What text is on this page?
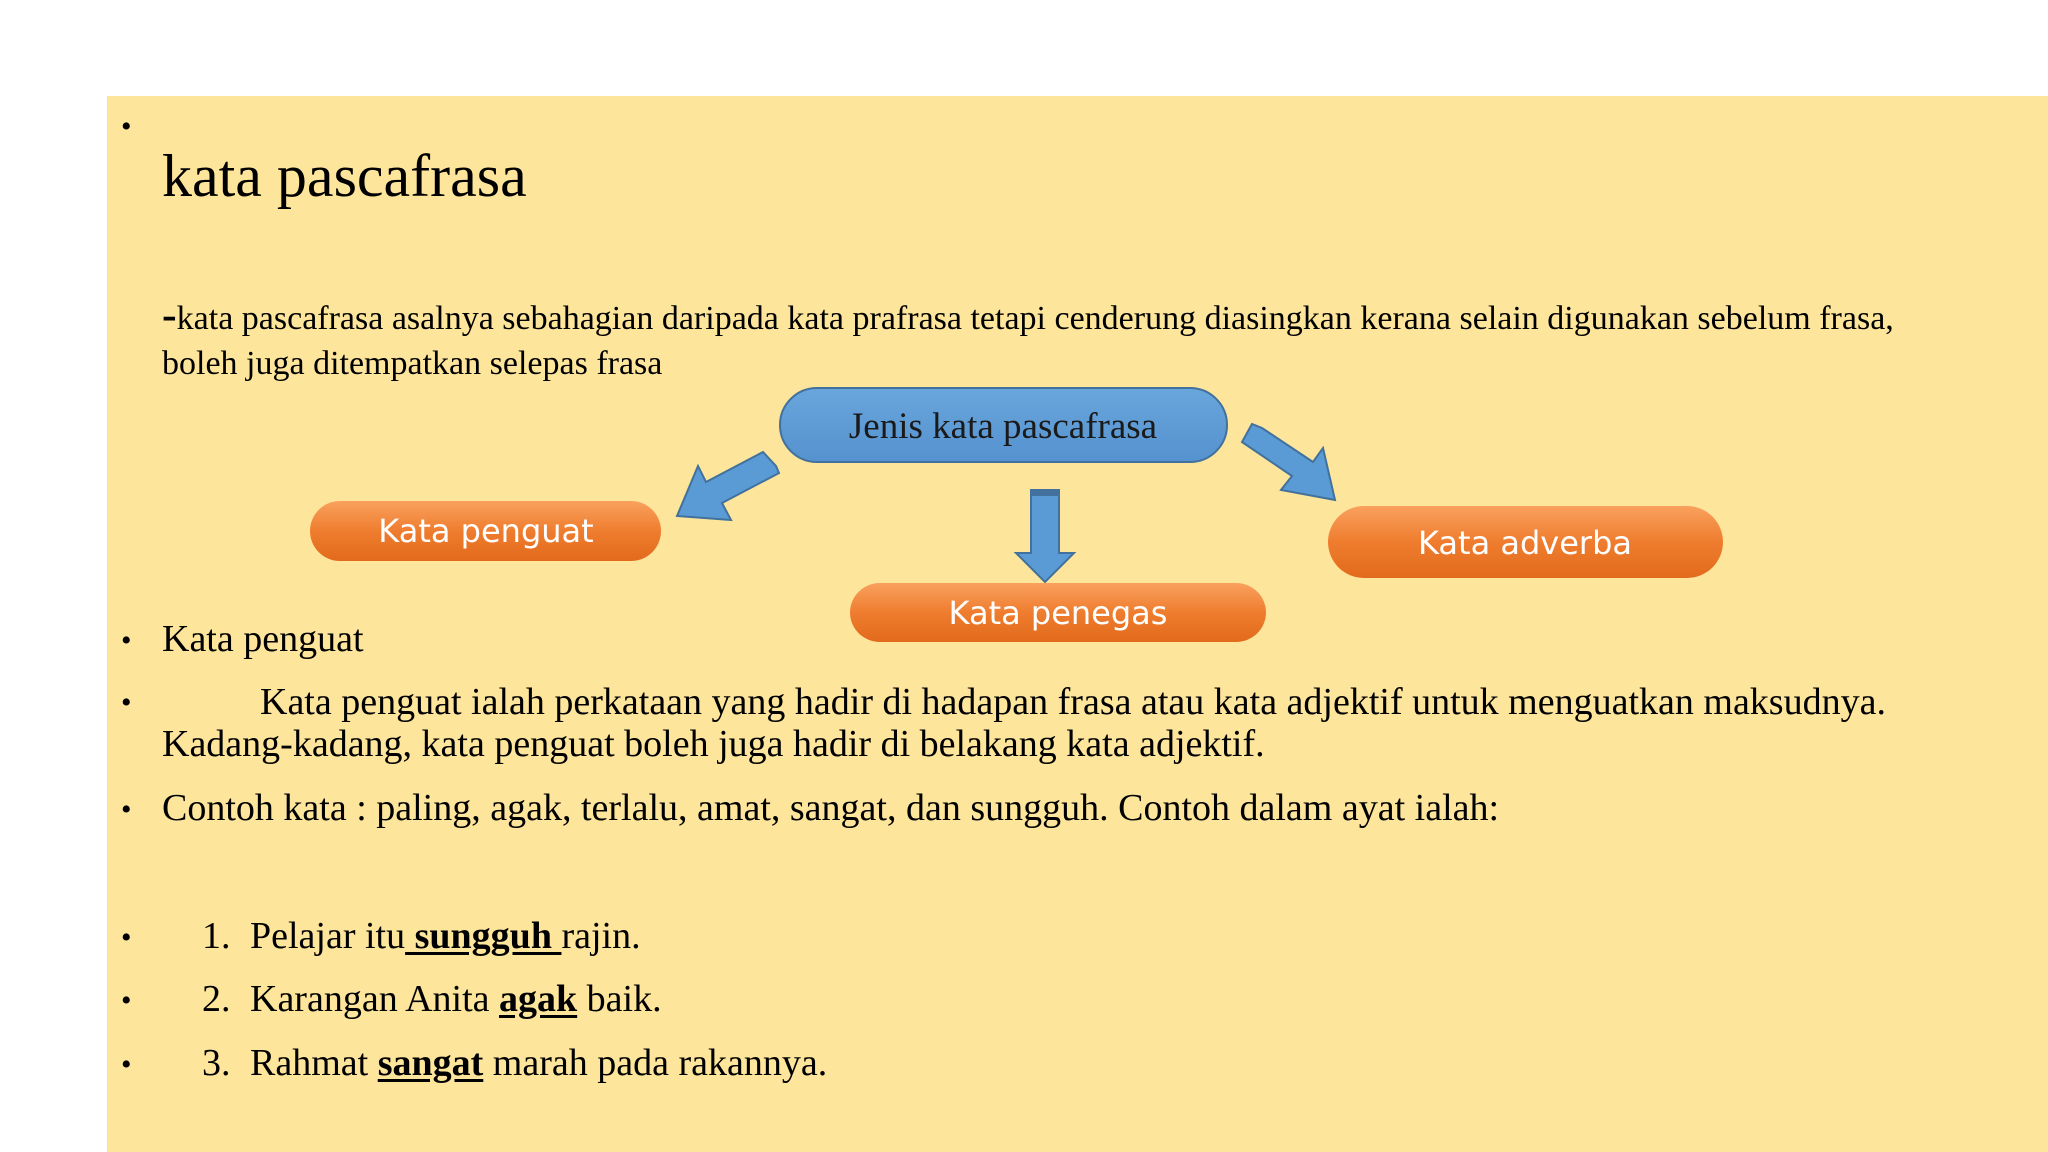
•
kata pascafrasa
-kata pascafrasa asalnya sebahagian daripada kata prafrasa tetapi cenderung diasingkan kerana selain digunakan sebelum frasa, boleh juga ditempatkan selepas frasa
Jenis kata pascafrasa
Kata penguat
Kata penegas
Kata adverba
• Kata penguat
•	Kata penguat ialah perkataan yang hadir di hadapan frasa atau kata adjektif untuk menguatkan maksudnya.
Kadang-kadang, kata penguat boleh juga hadir di belakang kata adjektif.
• Contoh kata : paling, agak, terlalu, amat, sangat, dan sungguh. Contoh dalam ayat ialah:
• 1. Pelajar itu sungguh rajin.
• 2. Karangan Anita agak baik.
• 3. Rahmat sangat marah pada rakannya.
